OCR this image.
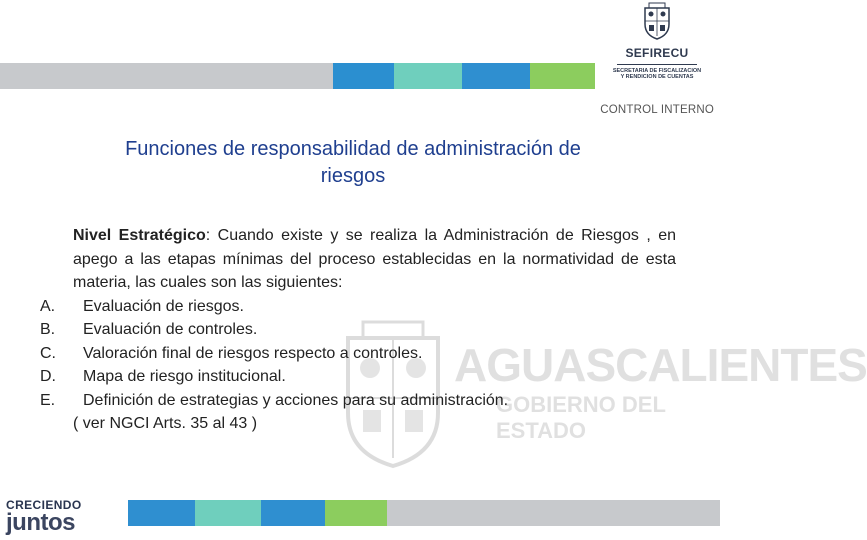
SEFIRECU
SECRETARIA DE FISCALIZACION
Y RENDICION DE CUENTAS
CONTROL INTERNO
Funciones de responsabilidad de administración de
riesgos
AGUASCALIENTES
GOBIERNO DEL ESTADO
Nivel Estratégico: Cuando existe y se realiza la Administración de Riesgos , en apego a las etapas mínimas del proceso establecidas en la normatividad de esta materia, las cuales son las siguientes:
A.	Evaluación de riesgos.
B.	Evaluación de controles.
C.	Valoración final de riesgos respecto a controles.
D.	Mapa de riesgo institucional.
E.	Definición de estrategias y acciones para su administración.
( ver NGCI Arts. 35 al 43 )
CRECIENDO
juntos
